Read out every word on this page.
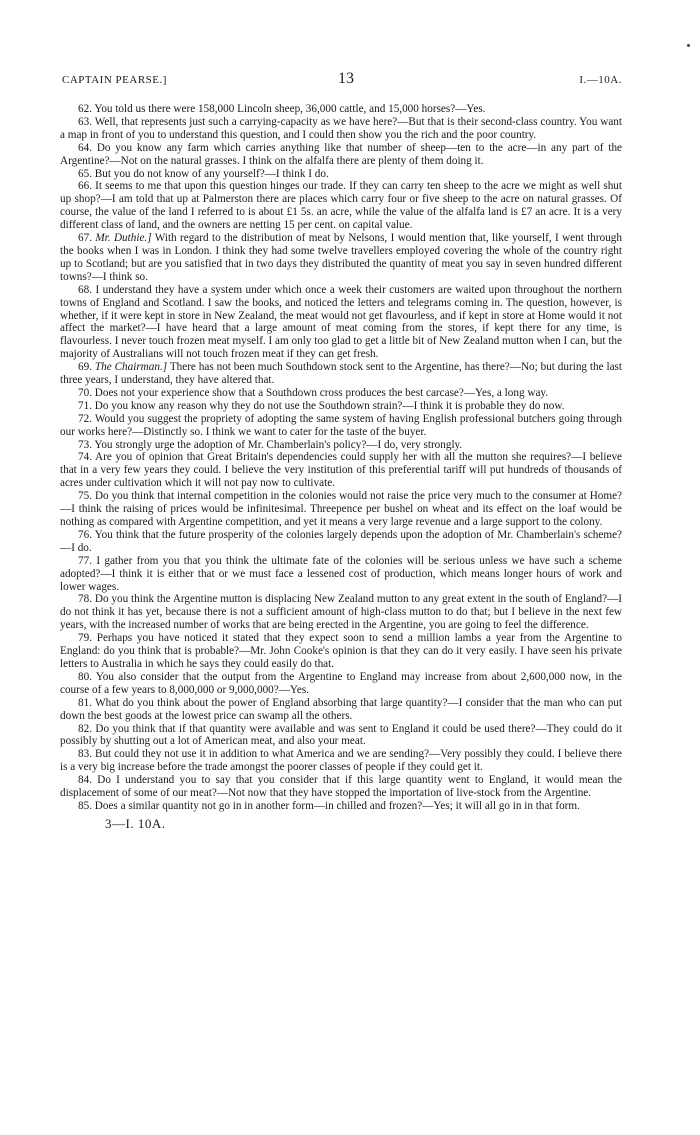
CAPTAIN PEARSE.]	13	I.—10A.

62. You told us there were 158,000 Lincoln sheep, 36,000 cattle, and 15,000 horses?—Yes.

63. Well, that represents just such a carrying-capacity as we have here?—But that is their second-class country. You want a map in front of you to understand this question, and I could then show you the rich and the poor country.

64. Do you know any farm which carries anything like that number of sheep—ten to the acre—in any part of the Argentine?—Not on the natural grasses. I think on the alfalfa there are plenty of them doing it.

65. But you do not know of any yourself?—I think I do.

66. It seems to me that upon this question hinges our trade. If they can carry ten sheep to the acre we might as well shut up shop?—I am told that up at Palmerston there are places which carry four or five sheep to the acre on natural grasses. Of course, the value of the land I referred to is about £1 5s. an acre, while the value of the alfalfa land is £7 an acre. It is a very different class of land, and the owners are netting 15 per cent. on capital value.

67. Mr. Duthie.] With regard to the distribution of meat by Nelsons, I would mention that, like yourself, I went through the books when I was in London. I think they had some twelve travellers employed covering the whole of the country right up to Scotland; but are you satisfied that in two days they distributed the quantity of meat you say in seven hundred different towns?—I think so.

68. I understand they have a system under which once a week their customers are waited upon throughout the northern towns of England and Scotland. I saw the books, and noticed the letters and telegrams coming in. The question, however, is whether, if it were kept in store in New Zealand, the meat would not get flavourless, and if kept in store at Home would it not affect the market?—I have heard that a large amount of meat coming from the stores, if kept there for any time, is flavourless. I never touch frozen meat myself. I am only too glad to get a little bit of New Zealand mutton when I can, but the majority of Australians will not touch frozen meat if they can get fresh.

69. The Chairman.] There has not been much Southdown stock sent to the Argentine, has there?—No; but during the last three years, I understand, they have altered that.

70. Does not your experience show that a Southdown cross produces the best carcase?—Yes, a long way.

71. Do you know any reason why they do not use the Southdown strain?—I think it is probable they do now.

72. Would you suggest the propriety of adopting the same system of having English professional butchers going through our works here?—Distinctly so. I think we want to cater for the taste of the buyer.

73. You strongly urge the adoption of Mr. Chamberlain's policy?—I do, very strongly.

74. Are you of opinion that Great Britain's dependencies could supply her with all the mutton she requires?—I believe that in a very few years they could. I believe the very institution of this preferential tariff will put hundreds of thousands of acres under cultivation which it will not pay now to cultivate.

75. Do you think that internal competition in the colonies would not raise the price very much to the consumer at Home?—I think the raising of prices would be infinitesimal. Threepence per bushel on wheat and its effect on the loaf would be nothing as compared with Argentine competition, and yet it means a very large revenue and a large support to the colony.

76. You think that the future prosperity of the colonies largely depends upon the adoption of Mr. Chamberlain's scheme?—I do.

77. I gather from you that you think the ultimate fate of the colonies will be serious unless we have such a scheme adopted?—I think it is either that or we must face a lessened cost of production, which means longer hours of work and lower wages.

78. Do you think the Argentine mutton is displacing New Zealand mutton to any great extent in the south of England?—I do not think it has yet, because there is not a sufficient amount of high-class mutton to do that; but I believe in the next few years, with the increased number of works that are being erected in the Argentine, you are going to feel the difference.

79. Perhaps you have noticed it stated that they expect soon to send a million lambs a year from the Argentine to England: do you think that is probable?—Mr. John Cooke's opinion is that they can do it very easily. I have seen his private letters to Australia in which he says they could easily do that.

80. You also consider that the output from the Argentine to England may increase from about 2,600,000 now, in the course of a few years to 8,000,000 or 9,000,000?—Yes.

81. What do you think about the power of England absorbing that large quantity?—I consider that the man who can put down the best goods at the lowest price can swamp all the others.

82. Do you think that if that quantity were available and was sent to England it could be used there?—They could do it possibly by shutting out a lot of American meat, and also your meat.

83. But could they not use it in addition to what America and we are sending?—Very possibly they could. I believe there is a very big increase before the trade amongst the poorer classes of people if they could get it.

84. Do I understand you to say that you consider that if this large quantity went to England, it would mean the displacement of some of our meat?—Not now that they have stopped the importation of live-stock from the Argentine.

85. Does a similar quantity not go in in another form—in chilled and frozen?—Yes; it will all go in in that form.

3—I. 10A.
